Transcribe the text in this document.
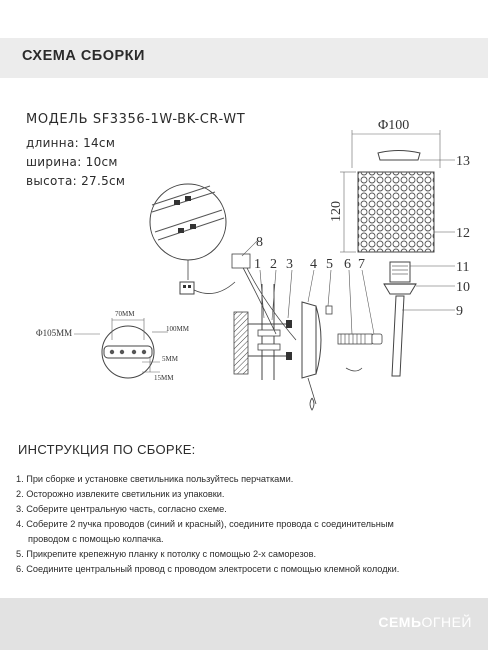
СХЕМА СБОРКИ
МОДЕЛЬ SF3356-1W-BK-CR-WT
длинна: 14см
ширина: 10см
высота: 27.5см
70MM
Φ105MM	100MM
5MM
15MM
Φ100
120
1 2 3 4 5 6 7
8
9
10
11
12
13
ИНСТРУКЦИЯ ПО СБОРКЕ:
1. При сборке и установке светильника пользуйтесь перчатками.
2. Осторожно извлеките светильник из упаковки.
3. Соберите центральную часть, согласно схеме.
4. Соберите 2 пучка проводов (синий и красный), соедините провода с соединительным
проводом с помощью колпачка.
5. Прикрепите крепежную планку к потолку с помощью 2-х саморезов.
6. Соедините центральный провод с проводом электросети с помощью клемной колодки.
СЕМЬОГНЕЙ
